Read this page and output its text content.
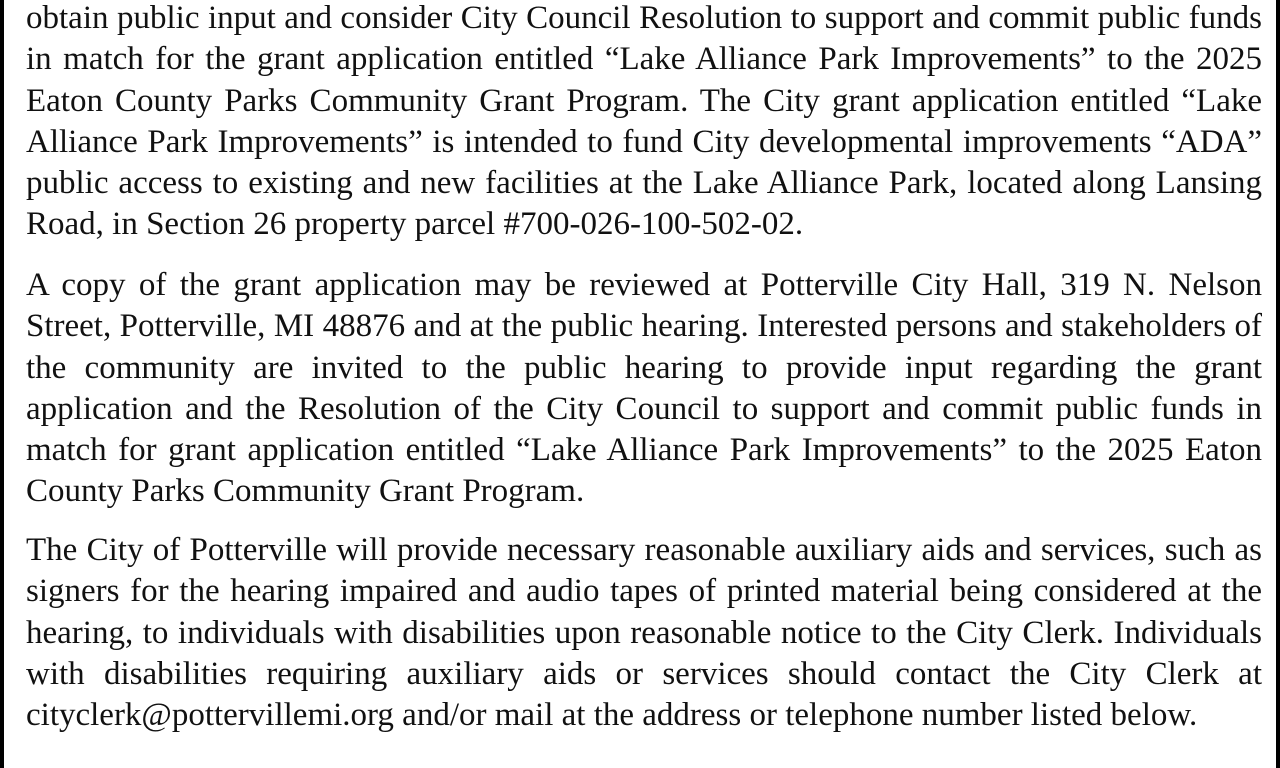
obtain public input and consider City Council Resolution to support and commit public funds in match for the grant application entitled “Lake Alliance Park Improvements” to the 2025 Eaton County Parks Community Grant Program. The City grant application entitled “Lake Alliance Park Improvements” is intended to fund City developmental improvements “ADA” public access to existing and new facilities at the Lake Alliance Park, located along Lansing Road, in Section 26 property parcel #700-026-100-502-02.

A copy of the grant application may be reviewed at Potterville City Hall, 319 N. Nelson Street, Potterville, MI 48876 and at the public hearing. Interested persons and stakeholders of the community are invited to the public hearing to provide input regarding the grant application and the Resolution of the City Council to support and commit public funds in match for grant application entitled “Lake Alliance Park Improvements” to the 2025 Eaton County Parks Community Grant Program.

The City of Potterville will provide necessary reasonable auxiliary aids and services, such as signers for the hearing impaired and audio tapes of printed material being considered at the hearing, to individuals with disabilities upon reasonable notice to the City Clerk. Individuals with disabilities requiring auxiliary aids or services should contact the City Clerk at cityclerk@pottervillemi.org and/or mail at the address or telephone number listed below.
